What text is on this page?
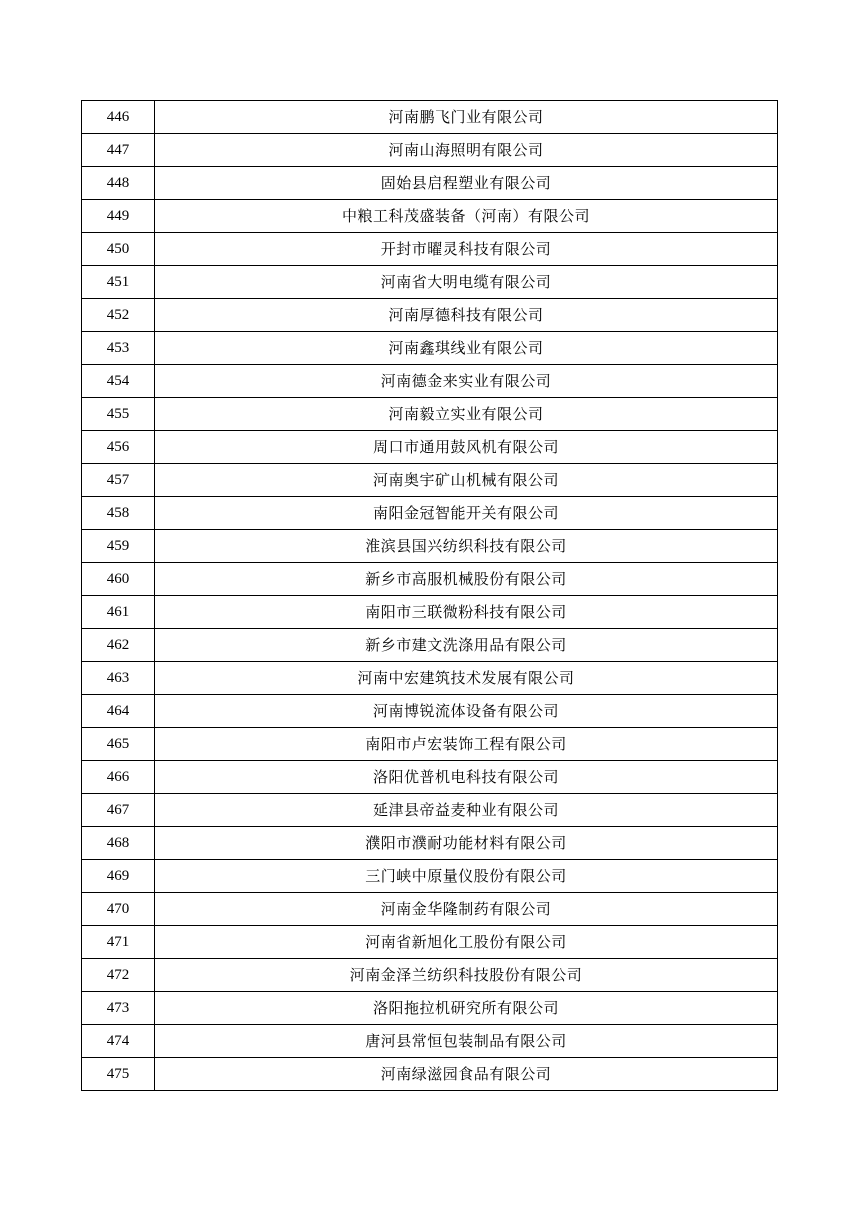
446	河南鹏飞门业有限公司
447	河南山海照明有限公司
448	固始县启程塑业有限公司
449	中粮工科茂盛装备（河南）有限公司
450	开封市曜灵科技有限公司
451	河南省大明电缆有限公司
452	河南厚德科技有限公司
453	河南鑫琪线业有限公司
454	河南德金来实业有限公司
455	河南毅立实业有限公司
456	周口市通用鼓风机有限公司
457	河南奥宇矿山机械有限公司
458	南阳金冠智能开关有限公司
459	淮滨县国兴纺织科技有限公司
460	新乡市高服机械股份有限公司
461	南阳市三联微粉科技有限公司
462	新乡市建文洗涤用品有限公司
463	河南中宏建筑技术发展有限公司
464	河南博锐流体设备有限公司
465	南阳市卢宏装饰工程有限公司
466	洛阳优普机电科技有限公司
467	延津县帝益麦种业有限公司
468	濮阳市濮耐功能材料有限公司
469	三门峡中原量仪股份有限公司
470	河南金华隆制药有限公司
471	河南省新旭化工股份有限公司
472	河南金泽兰纺织科技股份有限公司
473	洛阳拖拉机研究所有限公司
474	唐河县常恒包装制品有限公司
475	河南绿滋园食品有限公司
